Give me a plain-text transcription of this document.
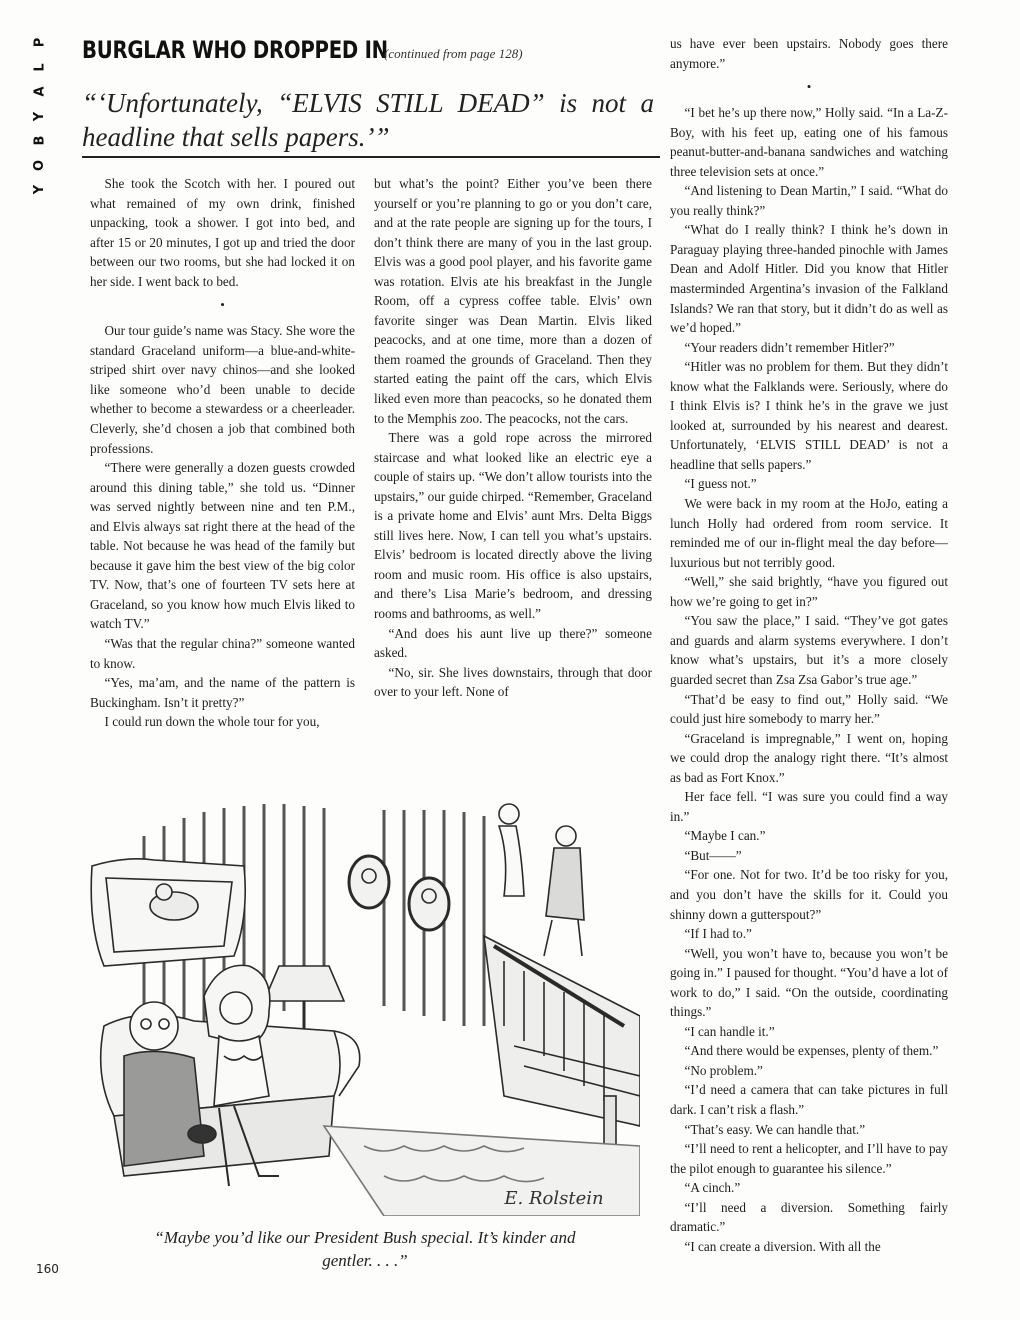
P
L
A
Y
B
O
Y
BURGLAR WHO DROPPED IN
(continued from page 128)

“‘Unfortunately, “ELVIS STILL DEAD” is not a headline that sells papers.’”

She took the Scotch with her. I poured out what remained of my own drink, finished unpacking, took a shower. I got into bed, and after 15 or 20 minutes, I got up and tried the door between our two rooms, but she had locked it on her side. I went back to bed.

•

Our tour guide’s name was Stacy. She wore the standard Graceland uniform—a blue-and-white-striped shirt over navy chinos—and she looked like someone who’d been unable to decide whether to become a stewardess or a cheerleader. Cleverly, she’d chosen a job that combined both professions.

“There were generally a dozen guests crowded around this dining table,” she told us. “Dinner was served nightly between nine and ten P.M., and Elvis always sat right there at the head of the table. Not because he was head of the family but because it gave him the best view of the big color TV. Now, that’s one of fourteen TV sets here at Graceland, so you know how much Elvis liked to watch TV.”

“Was that the regular china?” someone wanted to know.

“Yes, ma’am, and the name of the pattern is Buckingham. Isn’t it pretty?”

I could run down the whole tour for you,

but what’s the point? Either you’ve been there yourself or you’re planning to go or you don’t care, and at the rate people are signing up for the tours, I don’t think there are many of you in the last group. Elvis was a good pool player, and his favorite game was rotation. Elvis ate his breakfast in the Jungle Room, off a cypress coffee table. Elvis’ own favorite singer was Dean Martin. Elvis liked peacocks, and at one time, more than a dozen of them roamed the grounds of Graceland. Then they started eating the paint off the cars, which Elvis liked even more than peacocks, so he donated them to the Memphis zoo. The peacocks, not the cars.

There was a gold rope across the mirrored staircase and what looked like an electric eye a couple of stairs up. “We don’t allow tourists into the upstairs,” our guide chirped. “Remember, Graceland is a private home and Elvis’ aunt Mrs. Delta Biggs still lives here. Now, I can tell you what’s upstairs. Elvis’ bedroom is located directly above the living room and music room. His office is also upstairs, and there’s Lisa Marie’s bedroom, and dressing rooms and bathrooms, as well.”

“And does his aunt live up there?” someone asked.

“No, sir. She lives downstairs, through that door over to your left. None of

us have ever been upstairs. Nobody goes there anymore.”

•

“I bet he’s up there now,” Holly said. “In a La-Z-Boy, with his feet up, eating one of his famous peanut-butter-and-banana sandwiches and watching three television sets at once.”

“And listening to Dean Martin,” I said. “What do you really think?”

“What do I really think? I think he’s down in Paraguay playing three-handed pinochle with James Dean and Adolf Hitler. Did you know that Hitler masterminded Argentina’s invasion of the Falkland Islands? We ran that story, but it didn’t do as well as we’d hoped.”

“Your readers didn’t remember Hitler?”

“Hitler was no problem for them. But they didn’t know what the Falklands were. Seriously, where do I think Elvis is? I think he’s in the grave we just looked at, surrounded by his nearest and dearest. Unfortunately, ‘ELVIS STILL DEAD’ is not a headline that sells papers.”

“I guess not.”

We were back in my room at the HoJo, eating a lunch Holly had ordered from room service. It reminded me of our in-flight meal the day before—luxurious but not terribly good.

“Well,” she said brightly, “have you figured out how we’re going to get in?”

“You saw the place,” I said. “They’ve got gates and guards and alarm systems everywhere. I don’t know what’s upstairs, but it’s a more closely guarded secret than Zsa Zsa Gabor’s true age.”

“That’d be easy to find out,” Holly said. “We could just hire somebody to marry her.”

“Graceland is impregnable,” I went on, hoping we could drop the analogy right there. “It’s almost as bad as Fort Knox.”

Her face fell. “I was sure you could find a way in.”

“Maybe I can.”

“But——”

“For one. Not for two. It’d be too risky for you, and you don’t have the skills for it. Could you shinny down a gutterspout?”

“If I had to.”

“Well, you won’t have to, because you won’t be going in.” I paused for thought. “You’d have a lot of work to do,” I said. “On the outside, coordinating things.”

“I can handle it.”

“And there would be expenses, plenty of them.”

“No problem.”

“I’d need a camera that can take pictures in full dark. I can’t risk a flash.”

“That’s easy. We can handle that.”

“I’ll need to rent a helicopter, and I’ll have to pay the pilot enough to guarantee his silence.”

“A cinch.”

“I’ll need a diversion. Something fairly dramatic.”

“I can create a diversion. With all the

E. Rolstein
“Maybe you’d like our President Bush special. It’s kinder and gentler. . . .”
160
